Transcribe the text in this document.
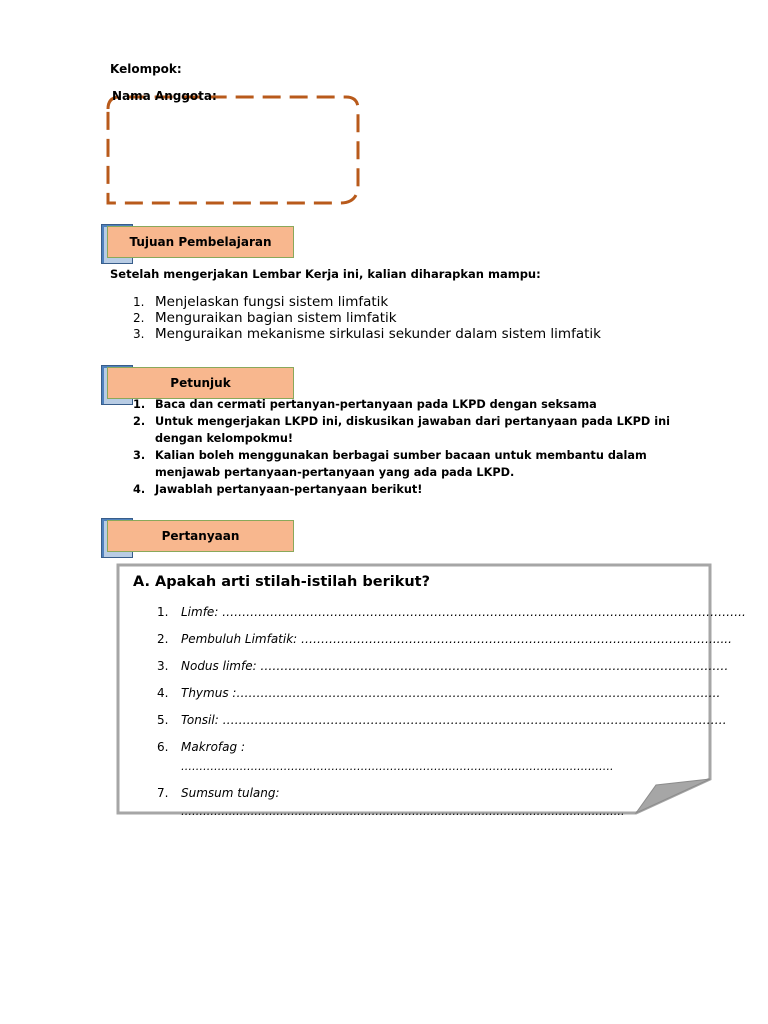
Kelompok:
Nama Anggota:
Tujuan Pembelajaran
Setelah mengerjakan Lembar Kerja ini, kalian diharapkan mampu:
1. Menjelaskan fungsi sistem limfatik
2. Menguraikan bagian sistem limfatik
3. Menguraikan mekanisme sirkulasi sekunder dalam sistem limfatik
Petunjuk
1. Baca dan cermati pertanyan-pertanyaan pada LKPD dengan seksama
2. Untuk mengerjakan LKPD ini, diskusikan jawaban dari pertanyaan pada LKPD ini dengan kelompokmu!
3. Kalian boleh menggunakan berbagai sumber bacaan untuk membantu dalam menjawab pertanyaan-pertanyaan yang ada pada LKPD.
4. Jawablah pertanyaan-pertanyaan berikut!
Pertanyaan
A. Apakah arti stilah-istilah berikut?
1.	Limfe: …………………………………………………………………………………………………………………..
2.	Pembuluh Limfatik: …………………………………………………………………………………………......
3.	Nodus limfe: ………………………………………………………………………………………………………
4.	Thymus :………………………………………………………………………………………………………….
5.	Tonsil: ………………………………………………………………………………………………………………
6.	Makrofag :
……………………………………………………………………………………………………….
7.	Sumsum tulang:
………………………………………………………………………………………………………….
